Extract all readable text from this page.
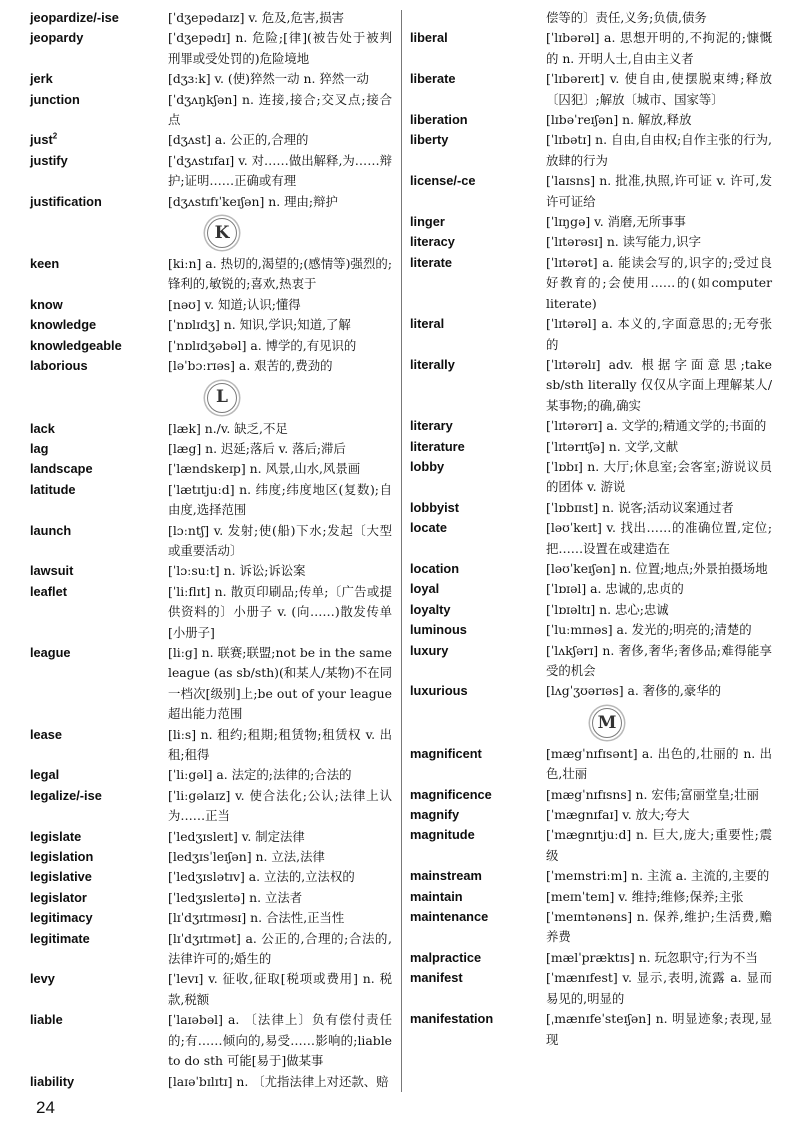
jeopardize/-ise	[ˈdʒepədaɪz] v. 危及,危害,损害
jeopardy	[ˈdʒepədɪ] n. 危险;[律](被告处于被判刑罪或受处罚的)危险境地
jerk	[dʒɜːk] v. (使)猝然一动 n. 猝然一动
junction	[ˈdʒʌŋkʃən] n. 连接,接合;交叉点;接合点
just$^2$	[dʒʌst] a. 公正的,合理的
justify	[ˈdʒʌstɪfaɪ] v. 对……做出解释,为……辩护;证明……正确或有理
justification	[dʒʌstɪfɪˈkeɪʃən] n. 理由;辩护
K
keen	[kiːn] a. 热切的,渴望的;(感情等)强烈的;锋利的,敏锐的;喜欢,热衷于
know	[nəʊ] v. 知道;认识;懂得
knowledge	[ˈnɒlɪdʒ] n. 知识,学识;知道,了解
knowledgeable	[ˈnɒlɪdʒəbəl] a. 博学的,有见识的
laborious	[ləˈbɔːrɪəs] a. 艰苦的,费劲的
L
lack	[læk] n./v. 缺乏,不足
lag	[læg] n. 迟延;落后 v. 落后;滞后
landscape	[ˈlændskeɪp] n. 风景,山水,风景画
latitude	[ˈlætɪtjuːd] n. 纬度;纬度地区(复数);自由度,选择范围
launch	[lɔːntʃ] v. 发射;使(船)下水;发起〔大型或重要活动〕
lawsuit	[ˈlɔːsuːt] n. 诉讼;诉讼案
leaflet	[ˈliːflɪt] n. 散页印刷品;传单;〔广告或提供资料的〕小册子 v. (向……)散发传单[小册子]
league	[liːg] n. 联赛;联盟;not be in the same league (as sb/sth)(和某人/某物)不在同一档次[级别]上;be out of your league 超出能力范围
lease	[liːs] n. 租约;租期;租赁物;租赁权 v. 出租;租得
legal	[ˈliːgəl] a. 法定的;法律的;合法的
legalize/-ise	[ˈliːgəlaɪz] v. 使合法化;公认;法律上认为……正当
legislate	[ˈledʒɪsleɪt] v. 制定法律
legislation	[ledʒɪsˈleɪʃən] n. 立法,法律
legislative	[ˈledʒɪslətɪv] a. 立法的,立法权的
legislator	[ˈledʒɪsleɪtə] n. 立法者
legitimacy	[lɪˈdʒɪtɪməsɪ] n. 合法性,正当性
legitimate	[lɪˈdʒɪtɪmət] a. 公正的,合理的;合法的,法律许可的;婚生的
levy	[ˈlevɪ] v. 征收,征取[税项或费用] n. 税款,税额
liable	[ˈlaɪəbəl] a. 〔法律上〕负有偿付责任的;有……倾向的,易受……影响的;liable to do sth 可能[易于]做某事
liability	[laɪəˈbɪlɪtɪ] n. 〔尤指法律上对还款、赔
偿等的〕责任,义务;负债,债务
liberal	[ˈlɪbərəl] a. 思想开明的,不拘泥的;慷慨的 n. 开明人士,自由主义者
liberate	[ˈlɪbəreɪt] v. 使自由,使摆脱束缚;释放〔囚犯〕;解放〔城市、国家等〕
liberation	[lɪbəˈreɪʃən] n. 解放,释放
liberty	[ˈlɪbətɪ] n. 自由,自由权;自作主张的行为,放肆的行为
license/-ce	[ˈlaɪsns] n. 批准,执照,许可证 v. 许可,发许可证给
linger	[ˈlɪŋgə] v. 消磨,无所事事
literacy	[ˈlɪtərəsɪ] n. 读写能力,识字
literate	[ˈlɪtərət] a. 能读会写的,识字的;受过良好教育的;会使用……的(如computer literate)
literal	[ˈlɪtərəl] a. 本义的,字面意思的;无夸张的
literally	[ˈlɪtərəlɪ] adv. 根据字面意思;take sb/sth literally 仅仅从字面上理解某人/某事物;的确,确实
literary	[ˈlɪtərərɪ] a. 文学的;精通文学的;书面的
literature	[ˈlɪtərɪtʃə] n. 文学,文献
lobby	[ˈlɒbɪ] n. 大厅;休息室;会客室;游说议员的团体 v. 游说
lobbyist	[ˈlɒbɪɪst] n. 说客;活动议案通过者
locate	[ləʊˈkeɪt] v. 找出……的准确位置,定位;把……设置在或建造在
location	[ləʊˈkeɪʃən] n. 位置;地点;外景拍摄场地
loyal	[ˈlɒɪəl] a. 忠诚的,忠贞的
loyalty	[ˈlɒɪəltɪ] n. 忠心;忠诚
luminous	[ˈluːmɪnəs] a. 发光的;明亮的;清楚的
luxury	[ˈlʌkʃərɪ] n. 奢侈,奢华;奢侈品;难得能享受的机会
luxurious	[lʌgˈʒʊərɪəs] a. 奢侈的,豪华的
M
magnificent	[mægˈnɪfɪsənt] a. 出色的,壮丽的 n. 出色,壮丽
magnificence	[mægˈnɪfɪsns] n. 宏伟;富丽堂皇;壮丽
magnify	[ˈmægnɪfaɪ] v. 放大;夸大
magnitude	[ˈmægnɪtjuːd] n. 巨大,庞大;重要性;震级
mainstream	[ˈmeɪnstriːm] n. 主流 a. 主流的,主要的
maintain	[meɪnˈteɪn] v. 维持;维修;保养;主张
maintenance	[ˈmeɪntənəns] n. 保养,维护;生活费,赡养费
malpractice	[mælˈpræktɪs] n. 玩忽职守;行为不当
manifest	[ˈmænɪfest] v. 显示,表明,流露 a. 显而易见的,明显的
manifestation	[ˌmænɪfeˈsteɪʃən] n. 明显迹象;表现,显现
24
